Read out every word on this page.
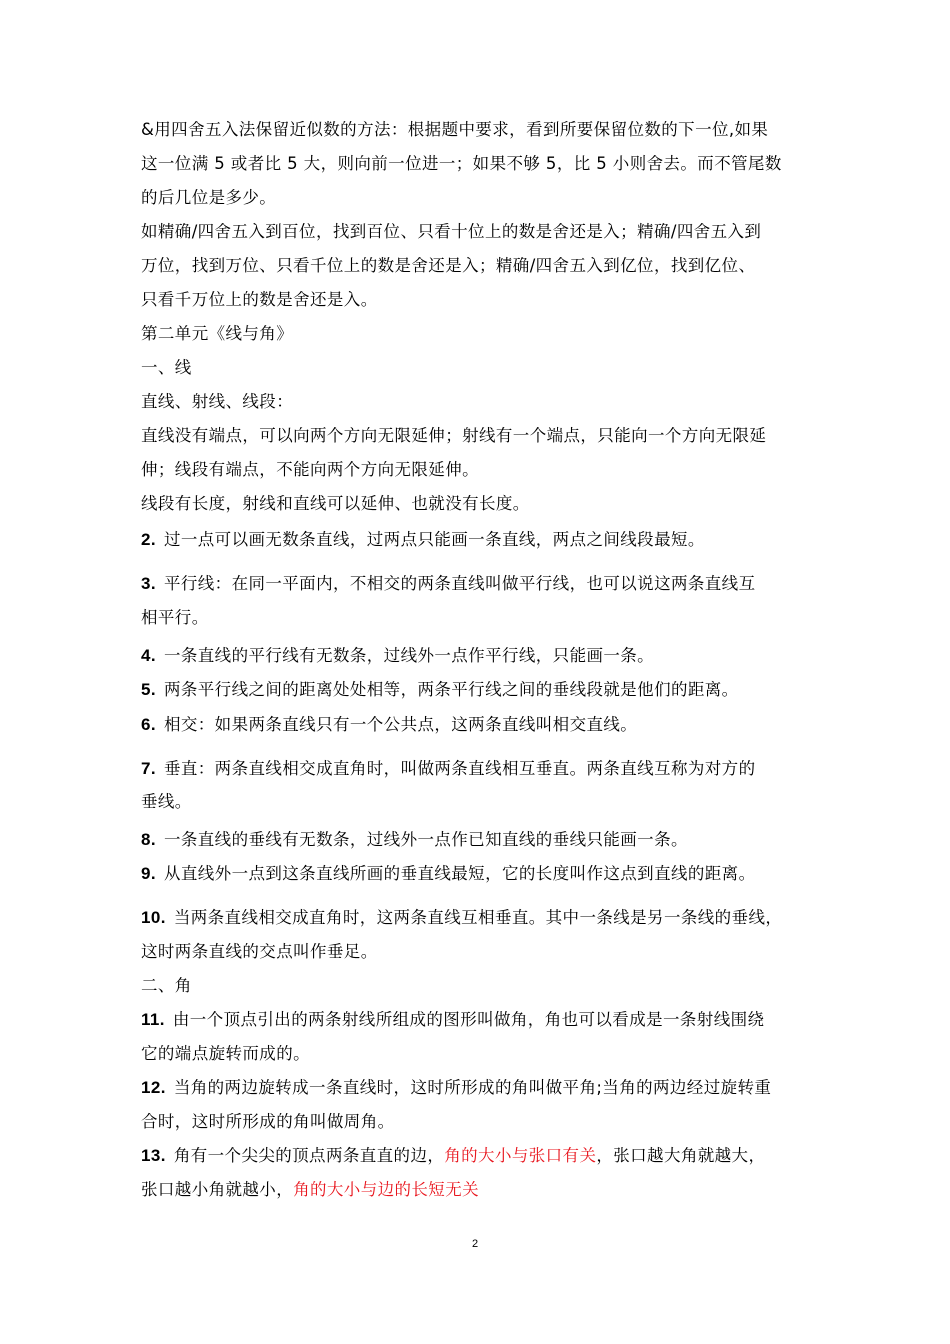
&用四舍五入法保留近似数的方法：根据题中要求，看到所要保留位数的下一位,如果
这一位满 5 或者比 5 大，则向前一位进一；如果不够 5，比 5 小则舍去。而不管尾数
的后几位是多少。
如精确/四舍五入到百位，找到百位、只看十位上的数是舍还是入；精确/四舍五入到
万位，找到万位、只看千位上的数是舍还是入；精确/四舍五入到亿位，找到亿位、
只看千万位上的数是舍还是入。
第二单元《线与角》
一、线
直线、射线、线段：
直线没有端点，可以向两个方向无限延伸；射线有一个端点，只能向一个方向无限延
伸；线段有端点，不能向两个方向无限延伸。
线段有长度，射线和直线可以延伸、也就没有长度。
2. 过一点可以画无数条直线，过两点只能画一条直线，两点之间线段最短。
3. 平行线：在同一平面内，不相交的两条直线叫做平行线，也可以说这两条直线互
相平行。
4. 一条直线的平行线有无数条，过线外一点作平行线，只能画一条。
5. 两条平行线之间的距离处处相等，两条平行线之间的垂线段就是他们的距离。
6. 相交：如果两条直线只有一个公共点，这两条直线叫相交直线。
7. 垂直：两条直线相交成直角时，叫做两条直线相互垂直。两条直线互称为对方的
垂线。
8. 一条直线的垂线有无数条，过线外一点作已知直线的垂线只能画一条。
9. 从直线外一点到这条直线所画的垂直线最短，它的长度叫作这点到直线的距离。
10. 当两条直线相交成直角时，这两条直线互相垂直。其中一条线是另一条线的垂线，
这时两条直线的交点叫作垂足。
二、角
11. 由一个顶点引出的两条射线所组成的图形叫做角，角也可以看成是一条射线围绕
它的端点旋转而成的。
12. 当角的两边旋转成一条直线时，这时所形成的角叫做平角;当角的两边经过旋转重
合时，这时所形成的角叫做周角。
13. 角有一个尖尖的顶点两条直直的边，角的大小与张口有关，张口越大角就越大，
张口越小角就越小，角的大小与边的长短无关
2
